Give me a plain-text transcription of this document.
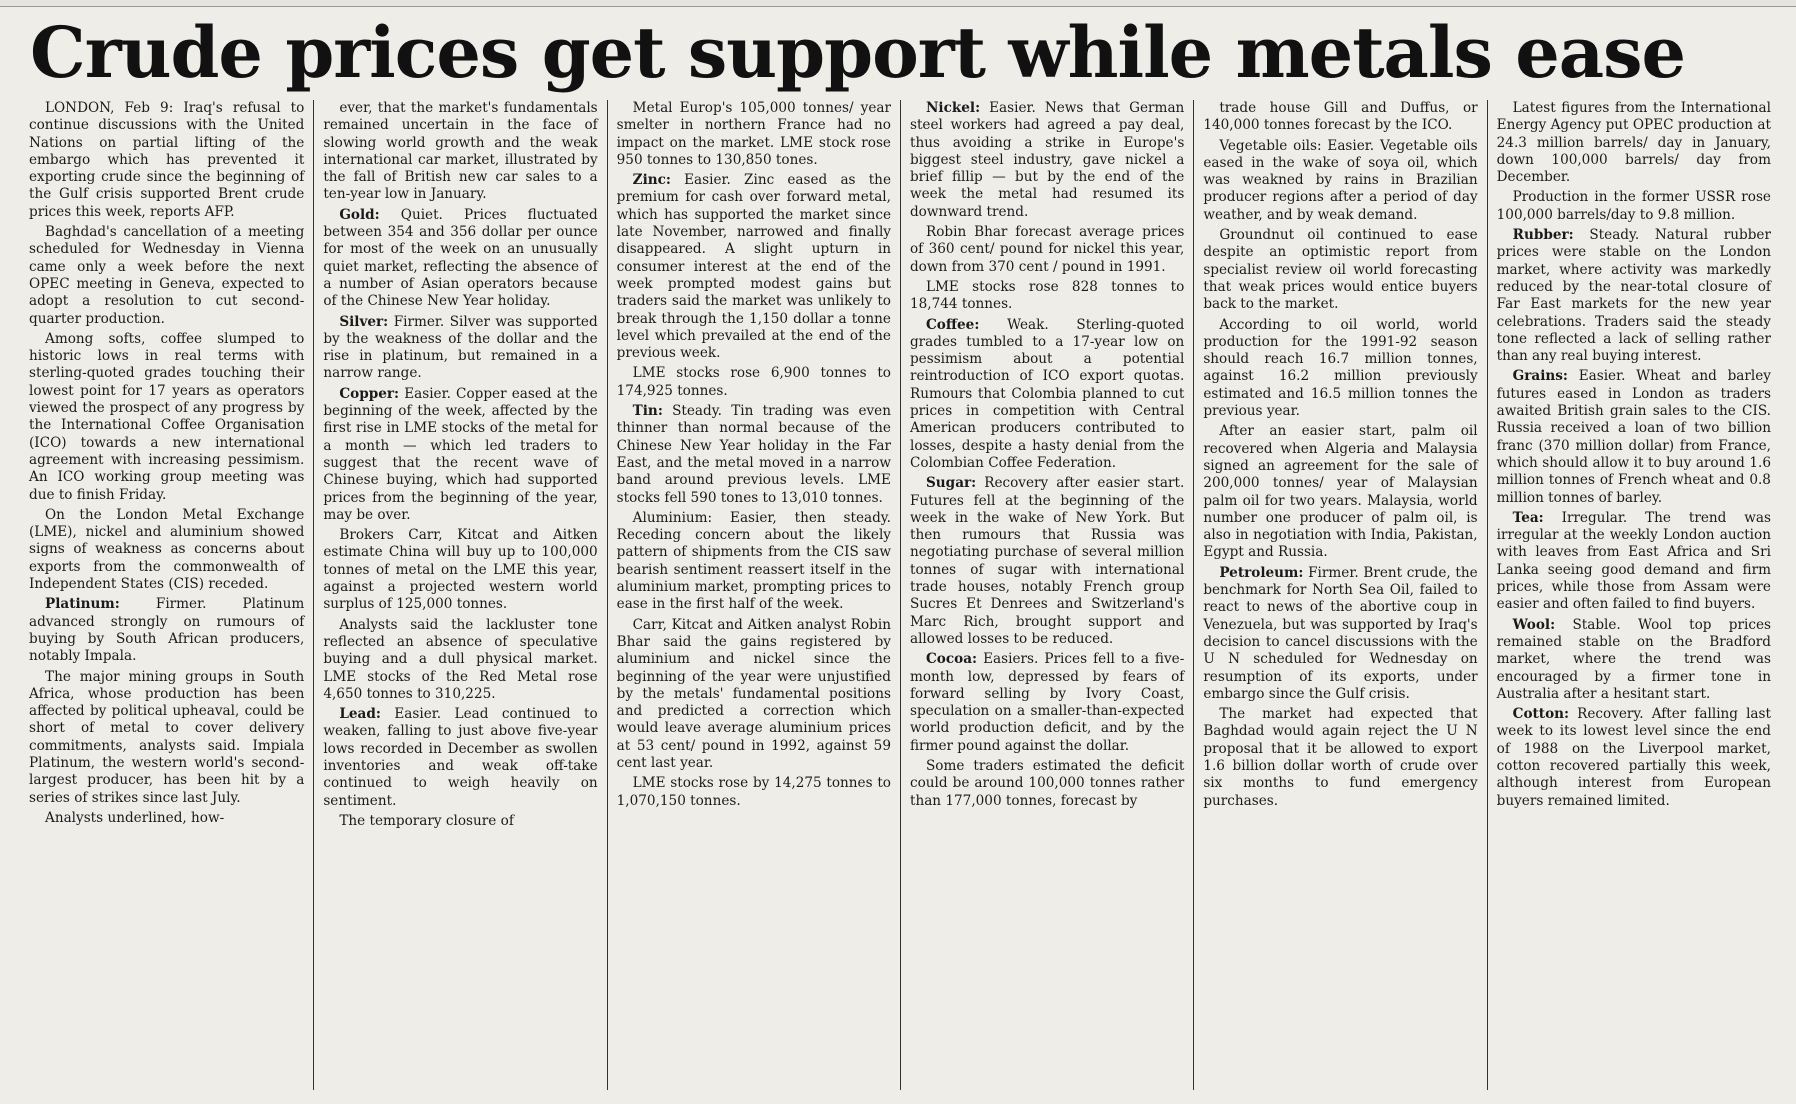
Crude prices get support while metals ease

LONDON, Feb 9: Iraq's refusal to continue discussions with the United Nations on partial lifting of the embargo which has prevented it exporting crude since the beginning of the Gulf crisis supported Brent crude prices this week, reports AFP.

Baghdad's cancellation of a meeting scheduled for Wednesday in Vienna came only a week before the next OPEC meeting in Geneva, expected to adopt a resolution to cut second-quarter production.

Among softs, coffee slumped to historic lows in real terms with sterling-quoted grades touching their lowest point for 17 years as operators viewed the prospect of any progress by the International Coffee Organisation (ICO) towards a new international agreement with increasing pessimism. An ICO working group meeting was due to finish Friday.

On the London Metal Exchange (LME), nickel and aluminium showed signs of weakness as concerns about exports from the commonwealth of Independent States (CIS) receded.

Platinum: Firmer. Platinum advanced strongly on rumours of buying by South African producers, notably Impala.

The major mining groups in South Africa, whose production has been affected by political upheaval, could be short of metal to cover delivery commitments, analysts said. Impiala Platinum, the western world's second-largest producer, has been hit by a series of strikes since last July.

Analysts underlined, how-

ever, that the market's fundamentals remained uncertain in the face of slowing world growth and the weak international car market, illustrated by the fall of British new car sales to a ten-year low in January.

Gold: Quiet. Prices fluctuated between 354 and 356 dollar per ounce for most of the week on an unusually quiet market, reflecting the absence of a number of Asian operators because of the Chinese New Year holiday.

Silver: Firmer. Silver was supported by the weakness of the dollar and the rise in platinum, but remained in a narrow range.

Copper: Easier. Copper eased at the beginning of the week, affected by the first rise in LME stocks of the metal for a month — which led traders to suggest that the recent wave of Chinese buying, which had supported prices from the beginning of the year, may be over.

Brokers Carr, Kitcat and Aitken estimate China will buy up to 100,000 tonnes of metal on the LME this year, against a projected western world surplus of 125,000 tonnes.

Analysts said the lackluster tone reflected an absence of speculative buying and a dull physical market. LME stocks of the Red Metal rose 4,650 tonnes to 310,225.

Lead: Easier. Lead continued to weaken, falling to just above five-year lows recorded in December as swollen inventories and weak off-take continued to weigh heavily on sentiment.

The temporary closure of

Metal Europ's 105,000 tonnes/ year smelter in northern France had no impact on the market. LME stock rose 950 tonnes to 130,850 tones.

Zinc: Easier. Zinc eased as the premium for cash over forward metal, which has supported the market since late November, narrowed and finally disappeared. A slight upturn in consumer interest at the end of the week prompted modest gains but traders said the market was unlikely to break through the 1,150 dollar a tonne level which prevailed at the end of the previous week.

LME stocks rose 6,900 tonnes to 174,925 tonnes.

Tin: Steady. Tin trading was even thinner than normal because of the Chinese New Year holiday in the Far East, and the metal moved in a narrow band around previous levels. LME stocks fell 590 tones to 13,010 tonnes.

Aluminium: Easier, then steady. Receding concern about the likely pattern of shipments from the CIS saw bearish sentiment reassert itself in the aluminium market, prompting prices to ease in the first half of the week.

Carr, Kitcat and Aitken analyst Robin Bhar said the gains registered by aluminium and nickel since the beginning of the year were unjustified by the metals' fundamental positions and predicted a correction which would leave average aluminium prices at 53 cent/ pound in 1992, against 59 cent last year.

LME stocks rose by 14,275 tonnes to 1,070,150 tonnes.

Nickel: Easier. News that German steel workers had agreed a pay deal, thus avoiding a strike in Europe's biggest steel industry, gave nickel a brief fillip — but by the end of the week the metal had resumed its downward trend.

Robin Bhar forecast average prices of 360 cent/ pound for nickel this year, down from 370 cent / pound in 1991.

LME stocks rose 828 tonnes to 18,744 tonnes.

Coffee: Weak. Sterling-quoted grades tumbled to a 17-year low on pessimism about a potential reintroduction of ICO export quotas. Rumours that Colombia planned to cut prices in competition with Central American producers contributed to losses, despite a hasty denial from the Colombian Coffee Federation.

Sugar: Recovery after easier start. Futures fell at the beginning of the week in the wake of New York. But then rumours that Russia was negotiating purchase of several million tonnes of sugar with international trade houses, notably French group Sucres Et Denrees and Switzerland's Marc Rich, brought support and allowed losses to be reduced.

Cocoa: Easiers. Prices fell to a five-month low, depressed by fears of forward selling by Ivory Coast, speculation on a smaller-than-expected world production deficit, and by the firmer pound against the dollar.

Some traders estimated the deficit could be around 100,000 tonnes rather than 177,000 tonnes, forecast by

trade house Gill and Duffus, or 140,000 tonnes forecast by the ICO.

Vegetable oils: Easier. Vegetable oils eased in the wake of soya oil, which was weakned by rains in Brazilian producer regions after a period of day weather, and by weak demand.

Groundnut oil continued to ease despite an optimistic report from specialist review oil world forecasting that weak prices would entice buyers back to the market.

According to oil world, world production for the 1991-92 season should reach 16.7 million tonnes, against 16.2 million previously estimated and 16.5 million tonnes the previous year.

After an easier start, palm oil recovered when Algeria and Malaysia signed an agreement for the sale of 200,000 tonnes/ year of Malaysian palm oil for two years. Malaysia, world number one producer of palm oil, is also in negotiation with India, Pakistan, Egypt and Russia.

Petroleum: Firmer. Brent crude, the benchmark for North Sea Oil, failed to react to news of the abortive coup in Venezuela, but was supported by Iraq's decision to cancel discussions with the U N scheduled for Wednesday on resumption of its exports, under embargo since the Gulf crisis.

The market had expected that Baghdad would again reject the U N proposal that it be allowed to export 1.6 billion dollar worth of crude over six months to fund emergency purchases.

Latest figures from the International Energy Agency put OPEC production at 24.3 million barrels/ day in January, down 100,000 barrels/ day from December.

Production in the former USSR rose 100,000 barrels/day to 9.8 million.

Rubber: Steady. Natural rubber prices were stable on the London market, where activity was markedly reduced by the near-total closure of Far East markets for the new year celebrations. Traders said the steady tone reflected a lack of selling rather than any real buying interest.

Grains: Easier. Wheat and barley futures eased in London as traders awaited British grain sales to the CIS. Russia received a loan of two billion franc (370 million dollar) from France, which should allow it to buy around 1.6 million tonnes of French wheat and 0.8 million tonnes of barley.

Tea: Irregular. The trend was irregular at the weekly London auction with leaves from East Africa and Sri Lanka seeing good demand and firm prices, while those from Assam were easier and often failed to find buyers.

Wool: Stable. Wool top prices remained stable on the Bradford market, where the trend was encouraged by a firmer tone in Australia after a hesitant start.

Cotton: Recovery. After falling last week to its lowest level since the end of 1988 on the Liverpool market, cotton recovered partially this week, although interest from European buyers remained limited.
